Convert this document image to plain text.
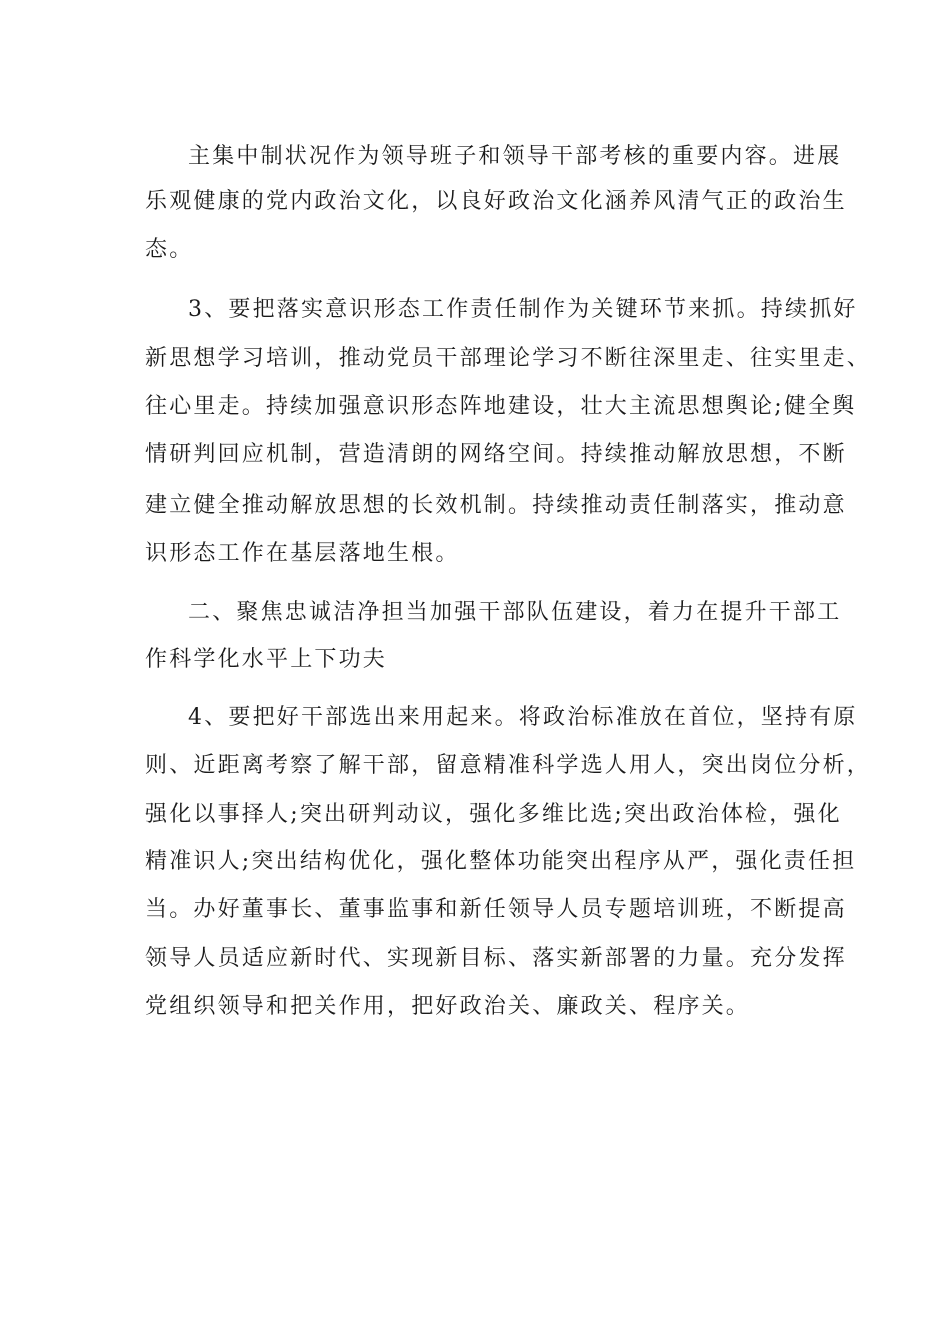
主集中制状况作为领导班子和领导干部考核的重要内容。进展
乐观健康的党内政治文化，以良好政治文化涵养风清气正的政治生
态。
3、要把落实意识形态工作责任制作为关键环节来抓。持续抓好
新思想学习培训，推动党员干部理论学习不断往深里走、往实里走、
往心里走。持续加强意识形态阵地建设，壮大主流思想舆论;健全舆
情研判回应机制，营造清朗的网络空间。持续推动解放思想，不断
建立健全推动解放思想的长效机制。持续推动责任制落实，推动意
识形态工作在基层落地生根。
二、聚焦忠诚洁净担当加强干部队伍建设，着力在提升干部工
作科学化水平上下功夫
4、要把好干部选出来用起来。将政治标准放在首位，坚持有原
则、近距离考察了解干部，留意精准科学选人用人，突出岗位分析，
强化以事择人;突出研判动议，强化多维比选;突出政治体检，强化
精准识人;突出结构优化，强化整体功能突出程序从严，强化责任担
当。办好董事长、董事监事和新任领导人员专题培训班，不断提高
领导人员适应新时代、实现新目标、落实新部署的力量。充分发挥
党组织领导和把关作用，把好政治关、廉政关、程序关。
